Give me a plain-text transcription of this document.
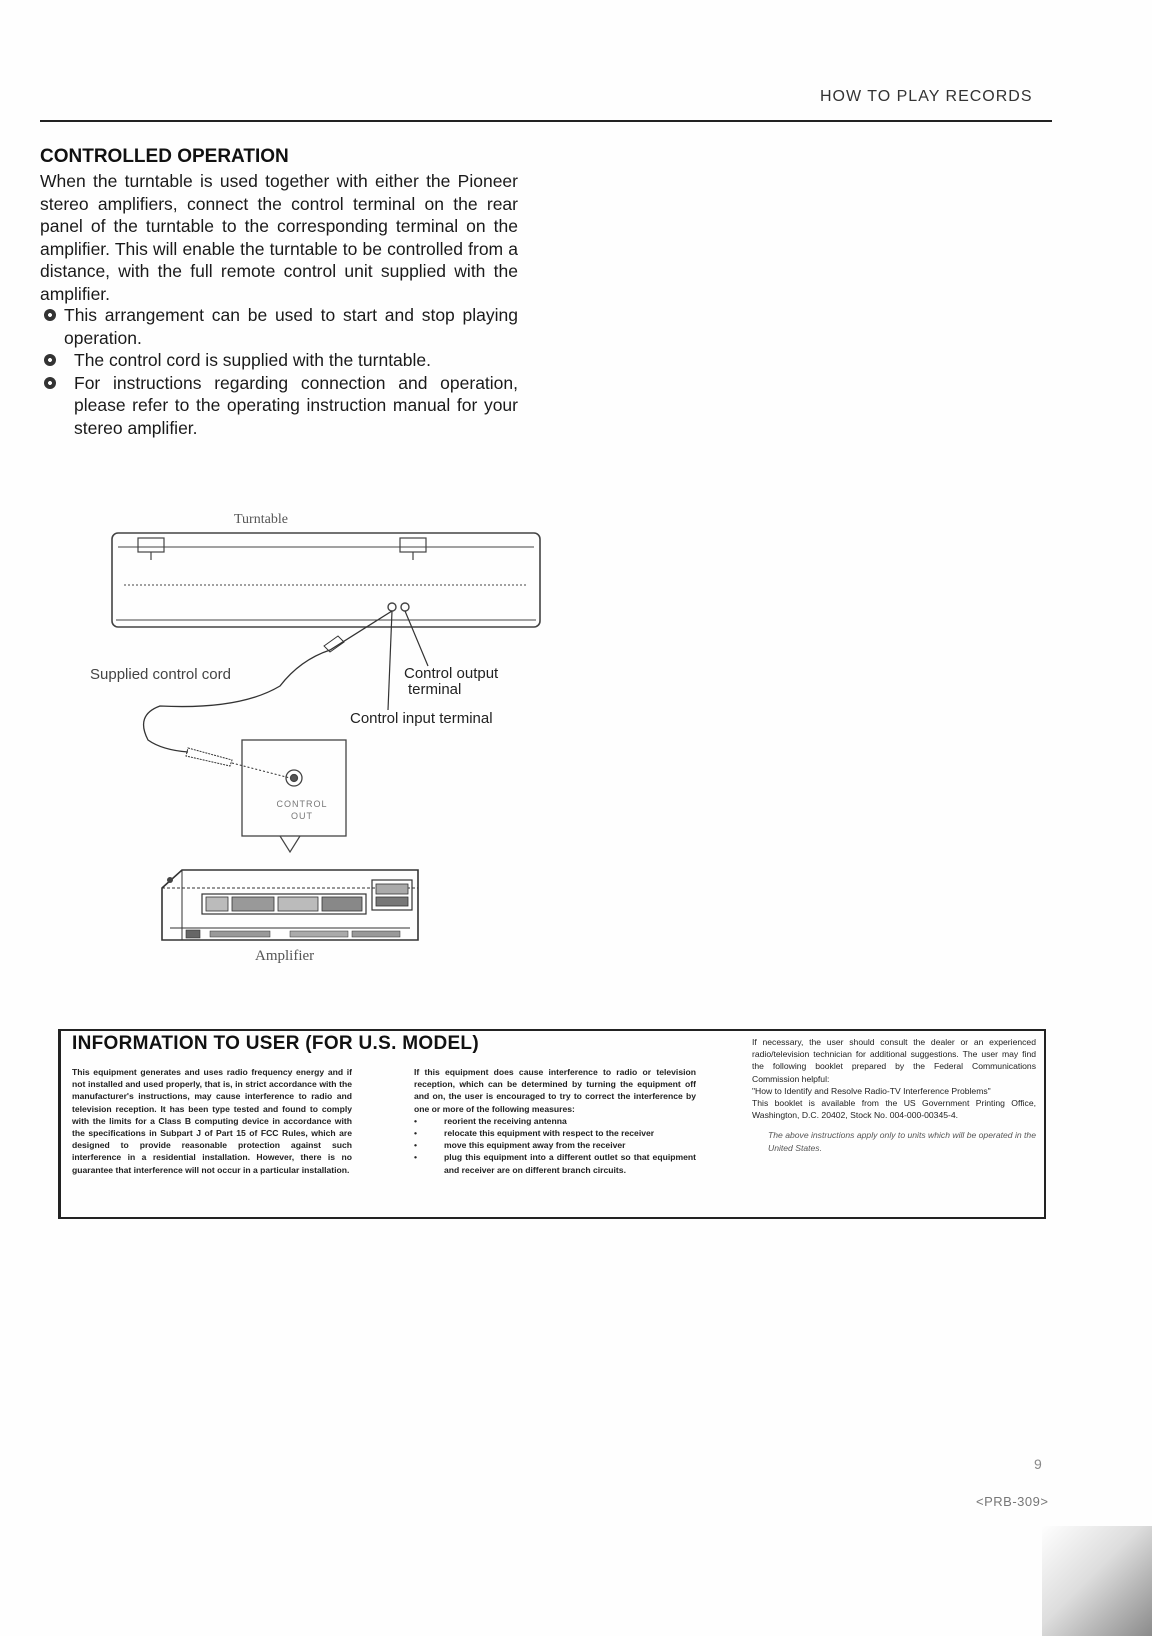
HOW TO PLAY RECORDS
CONTROLLED OPERATION
When the turntable is used together with either the Pioneer stereo amplifiers, connect the control terminal on the rear panel of the turntable to the corresponding terminal on the amplifier. This will enable the turntable to be controlled from a distance, with the full remote control unit supplied with the amplifier.
This arrangement can be used to start and stop playing operation.
The control cord is supplied with the turntable.
For instructions regarding connection and operation, please refer to the operating instruction manual for your stereo amplifier.
Turntable
Supplied control cord	Control output
terminal
Control input terminal
CONTROL
OUT
Amplifier
INFORMATION TO USER (FOR U.S. MODEL)
This equipment generates and uses radio frequency energy and if not installed and used properly, that is, in strict accordance with the manufacturer's instructions, may cause interference to radio and television reception. It has been type tested and found to comply with the limits for a Class B computing device in accordance with the specifications in Subpart J of Part 15 of FCC Rules, which are designed to provide reasonable protection against such interference in a residential installation. However, there is no guarantee that interference will not occur in a particular installation.

If this equipment does cause interference to radio or television reception, which can be determined by turning the equipment off and on, the user is encouraged to try to correct the interference by one or more of the following measures:

• reorient the receiving antenna
• relocate this equipment with respect to the receiver
• move this equipment away from the receiver
• plug this equipment into a different outlet so that equipment and receiver are on different branch circuits.

If necessary, the user should consult the dealer or an experienced radio/television technician for additional suggestions. The user may find the following booklet prepared by the Federal Communications Commission helpful:

"How to Identify and Resolve Radio-TV Interference Problems"

This booklet is available from the US Government Printing Office, Washington, D.C. 20402, Stock No. 004-000-00345-4.

The above instructions apply only to units which will be operated in the United States.

9
<PRB-309>
